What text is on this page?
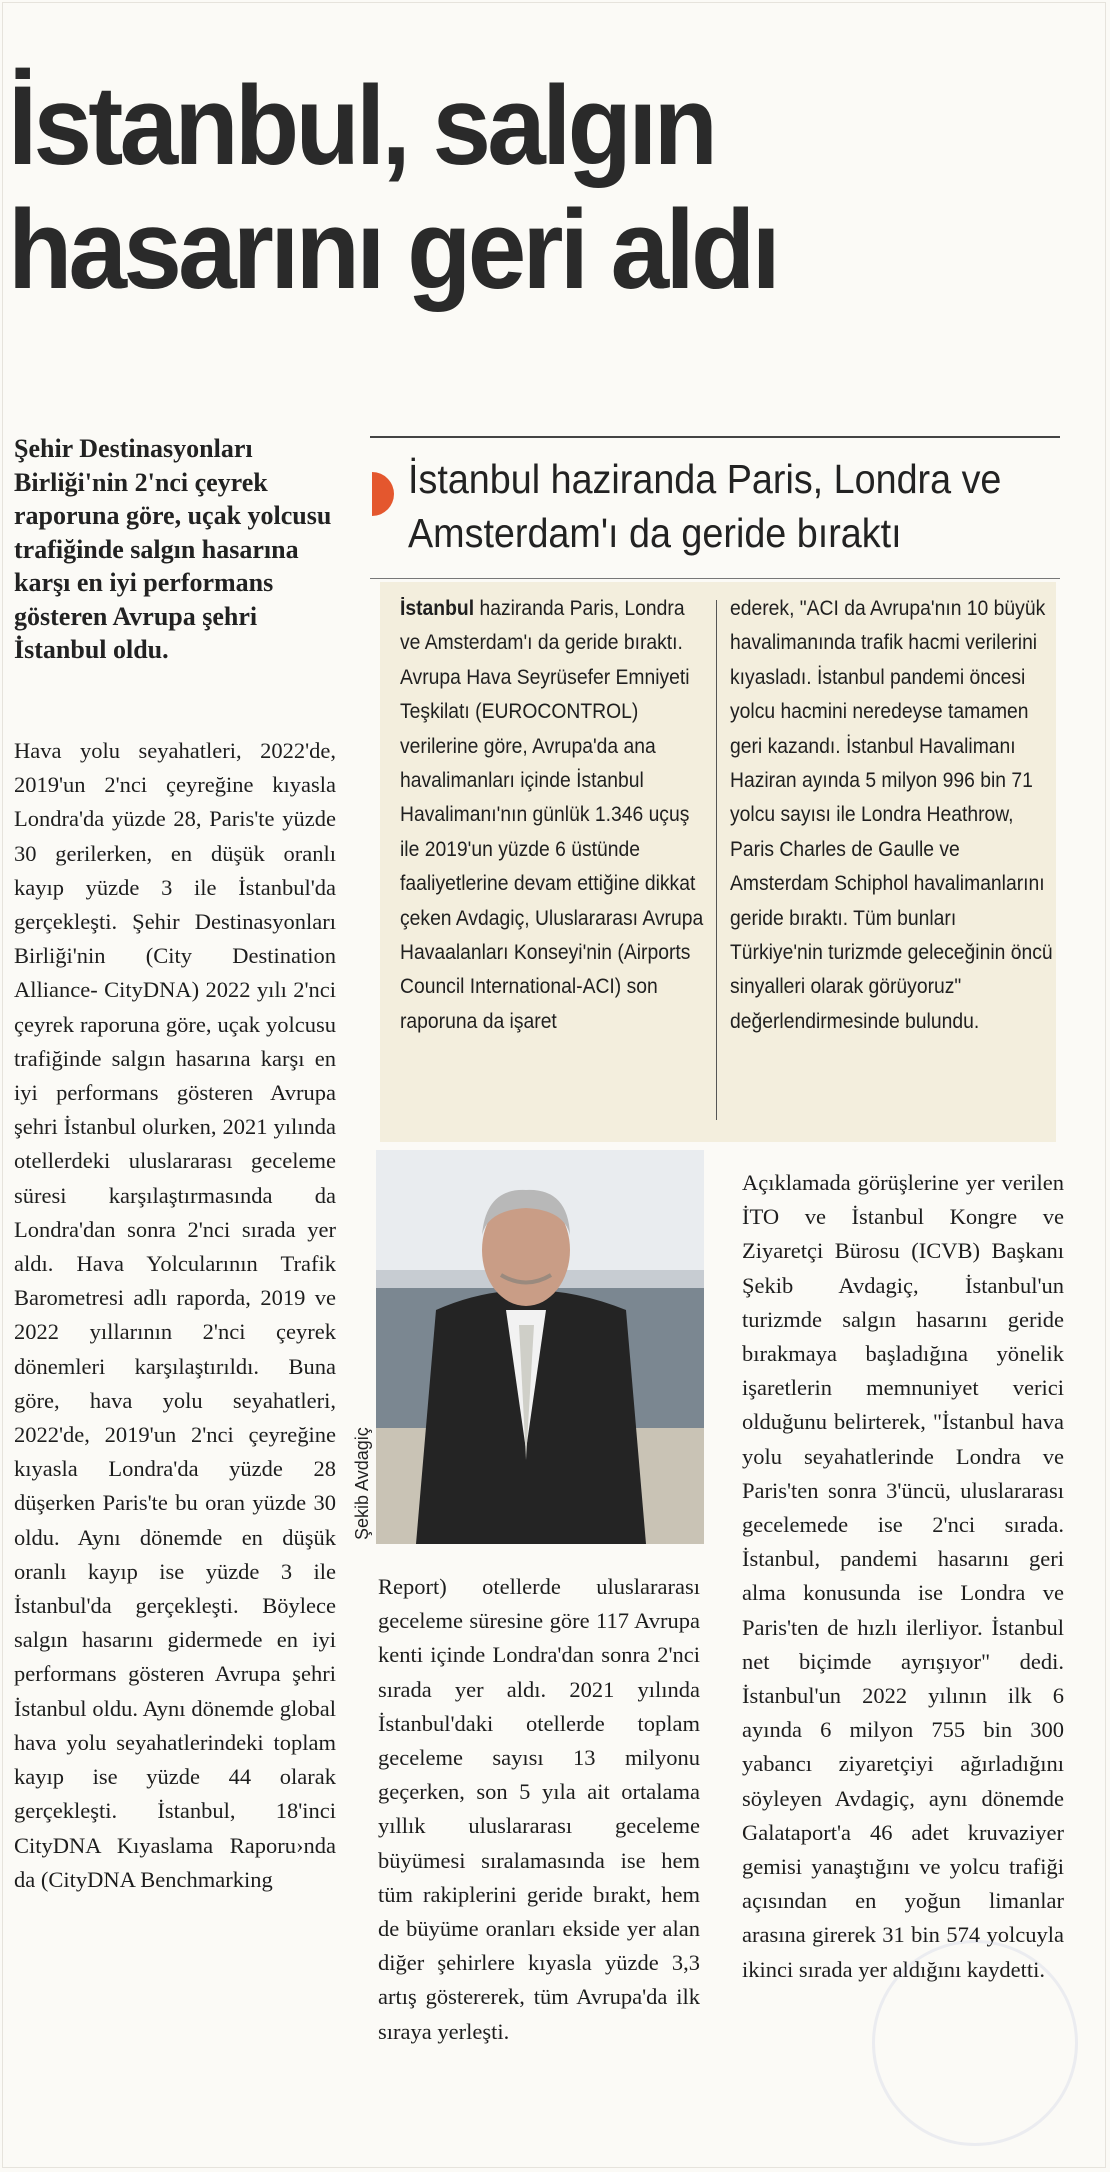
İstanbul, salgın hasarını geri aldı

Şehir Destinasyonları Birliği'nin 2'nci çeyrek raporuna göre, uçak yolcusu trafiğinde salgın hasarına karşı en iyi performans gösteren Avrupa şehri İstanbul oldu.

İstanbul haziranda Paris, Londra ve Amsterdam'ı da geride bıraktı

İstanbul haziranda Paris, Londra ve Amsterdam'ı da geride bıraktı. Avrupa Hava Seyrüsefer Emniyeti Teşkilatı (EUROCONTROL) verilerine göre, Avrupa'da ana havalimanları içinde İstanbul Havalimanı'nın günlük 1.346 uçuş ile 2019'un yüzde 6 üstünde faaliyetlerine devam ettiğine dikkat çeken Avdagiç, Uluslararası Avrupa Havaalanları Konseyi'nin (Airports Council International-ACI) son raporuna da işaret

ederek, "ACI da Avrupa'nın 10 büyük havalimanında trafik hacmi verilerini kıyasladı. İstanbul pandemi öncesi yolcu hacmini neredeyse tamamen geri kazandı. İstanbul Havalimanı Haziran ayında 5 milyon 996 bin 71 yolcu sayısı ile Londra Heathrow, Paris Charles de Gaulle ve Amsterdam Schiphol havalimanlarını geride bıraktı. Tüm bunları Türkiye'nin turizmde geleceğinin öncü sinyalleri olarak görüyoruz" değerlendirmesinde bulundu.

Hava yolu seyahatleri, 2022'de, 2019'un 2'nci çeyreğine kıyasla Londra'da yüzde 28, Paris'te yüzde 30 gerilerken, en düşük oranlı kayıp yüzde 3 ile İstanbul'da gerçekleşti. Şehir Destinasyonları Birliği'nin (City Destination Alliance- CityDNA) 2022 yılı 2'nci çeyrek raporuna göre, uçak yolcusu trafiğinde salgın hasarına karşı en iyi performans gösteren Avrupa şehri İstanbul olurken, 2021 yılında otellerdeki uluslararası geceleme süresi karşılaştırmasında da Londra'dan sonra 2'nci sırada yer aldı. Hava Yolcularının Trafik Barometresi adlı raporda, 2019 ve 2022 yıllarının 2'nci çeyrek dönemleri karşılaştırıldı. Buna göre, hava yolu seyahatleri, 2022'de, 2019'un 2'nci çeyreğine kıyasla Londra'da yüzde 28 düşerken Paris'te bu oran yüzde 30 oldu. Aynı dönemde en düşük oranlı kayıp ise yüzde 3 ile İstanbul'da gerçekleşti. Böylece salgın hasarını gidermede en iyi performans gösteren Avrupa şehri İstanbul oldu. Aynı dönemde global hava yolu seyahatlerindeki toplam kayıp ise yüzde 44 olarak gerçekleşti. İstanbul, 18'inci CityDNA Kıyaslama Raporu›nda da (CityDNA Benchmarking

Şekib Avdagiç

Report) otellerde uluslararası geceleme süresine göre 117 Avrupa kenti içinde Londra'dan sonra 2'nci sırada yer aldı. 2021 yılında İstanbul'daki otellerde toplam geceleme sayısı 13 milyonu geçerken, son 5 yıla ait ortalama yıllık uluslararası geceleme büyümesi sıralamasında ise hem tüm rakiplerini geride bırakt, hem de büyüme oranları ekside yer alan diğer şehirlere kıyasla yüzde 3,3 artış göstererek, tüm Avrupa'da ilk sıraya yerleşti.

Açıklamada görüşlerine yer verilen İTO ve İstanbul Kongre ve Ziyaretçi Bürosu (ICVB) Başkanı Şekib Avdagiç, İstanbul'un turizmde salgın hasarını geride bırakmaya başladığına yönelik işaretlerin memnuniyet verici olduğunu belirterek, "İstanbul hava yolu seyahatlerinde Londra ve Paris'ten sonra 3'üncü, uluslararası gecelemede ise 2'nci sırada. İstanbul, pandemi hasarını geri alma konusunda ise Londra ve Paris'ten de hızlı ilerliyor. İstanbul net biçimde ayrışıyor" dedi. İstanbul'un 2022 yılının ilk 6 ayında 6 milyon 755 bin 300 yabancı ziyaretçiyi ağırladığını söyleyen Avdagiç, aynı dönemde Galataport'a 46 adet kruvaziyer gemisi yanaştığını ve yolcu trafiği açısından en yoğun limanlar arasına girerek 31 bin 574 yolcuyla ikinci sırada yer aldığını kaydetti.
